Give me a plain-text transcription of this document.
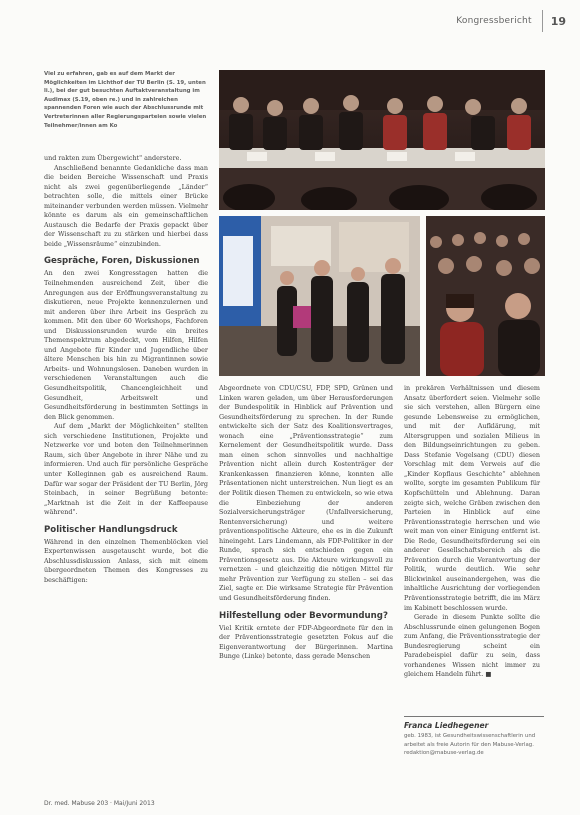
Kongressbericht 19
Viel zu erfahren, gab es auf dem Markt der Möglichkeiten im Lichthof der TU Berlin (S. 19, unten li.), bei der gut besuchten Auftaktveranstaltung im Audimax (S.19, oben re.) und in zahlreichen spannenden Foren wie auch der Abschlussrunde mit Vertreterinnen aller Regierungsparteien sowie vielen Teilnehmer/innen am Ko

und rakten zum Übergewicht" anderstere.

Anschließend benannte Gedankliche dass man die beiden Bereiche Wissenschaft und Praxis nicht als zwei gegenüberliegende „Länder“ betrachten solle, die mittels einer Brücke miteinander verbunden werden müssen. Vielmehr könnte es darum als ein gemeinschaftlichen Austausch die Bedarfe der Praxis gepackt über der Wissenschaft zu zu stärken und hierbei dass beide „Wissensräume“ einzubinden.

Gespräche, Foren, Diskussionen

An den zwei Kongresstagen hatten die Teilnehmenden ausreichend Zeit, über die Anregungen aus der Eröffnungsveranstaltung zu diskutieren, neue Projekte kennenzulernen und mit anderen über ihre Arbeit ins Gespräch zu kommen. Mit den über 60 Workshops, Fachforen und Diskussionsrunden wurde ein breites Themenspektrum abgedeckt, vom Hilfen, Hilfen und Angebote für Kinder und Jugendliche über ältere Menschen bis hin zu Migrantinnen sowie Arbeits- und Wohnungslosen. Daneben wurden in verschiedenen Veranstaltungen auch die Gesundheitspolitik, Chancengleichheit und Gesundheit, Arbeitswelt und Gesundheitsförderung in bestimmten Settings in den Blick genommen.

Auf dem „Markt der Möglichkeiten“ stellten sich verschiedene Institutionen, Projekte und Netzwerke vor und boten den Teilnehmerinnen Raum, sich über Angebote in ihrer Nähe und zu informieren. Und auch für persönliche Gespräche unter Kolleginnen gab es ausreichend Raum. Dafür war sogar der Präsident der TU Berlin, Jörg Steinbach, in seiner Begrüßung betonte: „Marktnah ist die Zeit in der Kaffeepause während".

Politischer Handlungsdruck

Während in den einzelnen Themenblöcken viel Expertenwissen ausgetauscht wurde, bot die Abschlussdiskussion Anlass, sich mit einem übergeordneten Themen des Kongresses zu beschäftigen:

Abgeordnete von CDU/CSU, FDP, SPD, Grünen und Linken waren geladen, um über Herausforderungen der Bundespolitik in Hinblick auf Prävention und Gesundheitsförderung zu sprechen. In der Runde entwickelte sich der Satz des Koalitionsvertrages, wonach eine „Präventionsstrategie“ zum Kernelement der Gesundheitspolitik wurde. Dass man einen schon sinnvolles und nachhaltige Prävention nicht allein durch Kostenträger der Krankenkassen finanzieren könne, konnten alle Präsentationen nicht unterstreichen. Nun liegt es an der Politik diesen Themen zu entwickeln, so wie etwa die Einbeziehung der anderen Sozialversicherungsträger (Unfallversicherung, Rentenversicherung) und weitere präventionspolitische Akteure, ehe es in die Zukunft hineingeht. Lars Lindemann, als FDP-Politiker in der Runde, sprach sich entschieden gegen ein Präventionsgesetz aus. Die Akteure wirkungsvoll zu vernetzen – und gleichzeitig die nötigen Mittel für mehr Prävention zur Verfügung zu stellen – sei das Ziel, sagte er. Die wirksame Strategie für Prävention und Gesundheitsförderung finden.

Hilfestellung oder Bevormundung?

Viel Kritik erntete der FDP-Abgeordnete für den in der Präventionsstrategie gesetzten Fokus auf die Eigenverantwortung der Bürgerinnen. Martina Bunge (Linke) betonte, dass gerade Menschen

in prekären Verhältnissen und diesem Ansatz überfordert seien. Vielmehr solle sie sich verstehen, allen Bürgern eine gesunde Lebensweise zu ermöglichen, und mit der Aufklärung, mit Altersgruppen und sozialen Milieus in den Bildungseinrichtungen zu geben. Dass Stefanie Vogelsang (CDU) diesen Vorschlag mit dem Verweis auf die „Kinder Kopflaus Geschichte“ ablehnen wollte, sorgte im gesamten Publikum für Kopfschütteln und Ablehnung. Daran zeigte sich, welche Gräben zwischen den Parteien in Hinblick auf eine Präventionsstrategie herrschen und wie weit man von einer Einigung entfernt ist. Die Rede, Gesundheitsförderung sei ein anderer Gesellschaftsbereich als die Prävention durch die Verantwortung der Politik, wurde deutlich. Wie sehr Blickwinkel auseinandergehen, was die inhaltliche Ausrichtung der vorliegenden Präventionsstrategie betrifft, die im März im Kabinett beschlossen wurde.

Gerade in diesem Punkte sollte die Abschlussrunde einen gelungenen Bogen zum Anfang, die Präventionsstrategie der Bundesregierung scheint ein Paradebeispiel dafür zu sein, dass vorhandenes Wissen nicht immer zu gleichem Handeln führt. ■

Franca Liedhegener
geb. 1983, ist Gesundheitswissenschaftlerin und arbeitet als freie Autorin für den Mabuse-Verlag. redaktion@mabuse-verlag.de
Dr. med. Mabuse 203 · Mai/Juni 2013
